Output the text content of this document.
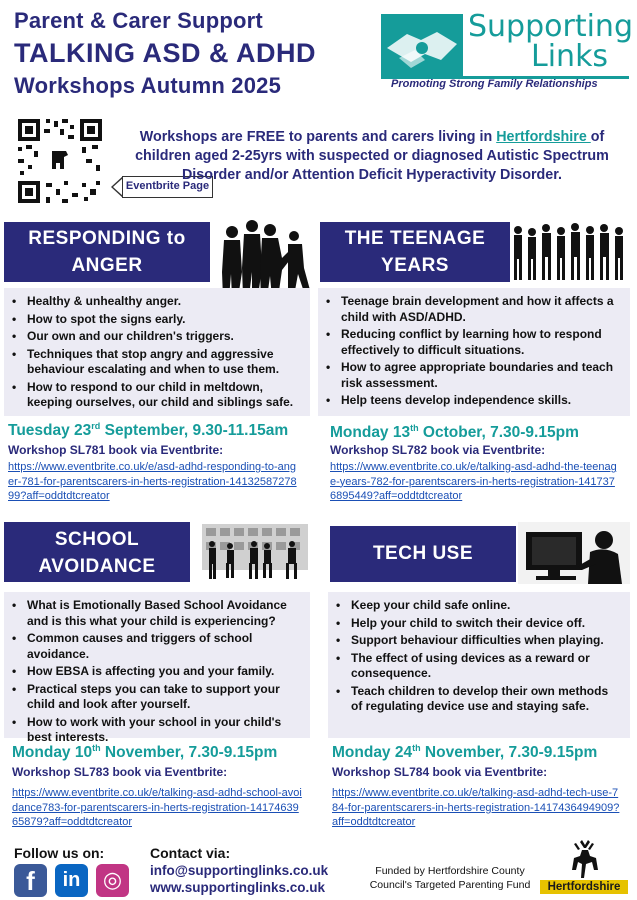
Parent & Carer Support
TALKING ASD & ADHD
Workshops Autumn 2025
Supporting
Links
Promoting Strong Family Relationships
Eventbrite Page
Workshops are FREE to parents and carers living in Hertfordshire of children aged 2-25yrs with suspected or diagnosed Autistic Spectrum Disorder and/or Attention Deficit Hyperactivity Disorder.
RESPONDING to
ANGER
• Healthy & unhealthy anger.
• How to spot the signs early.
• Our own and our children's triggers.
• Techniques that stop angry and aggressive behaviour escalating and when to use them.
• How to respond to our child in meltdown, keeping ourselves, our child and siblings safe.
Tuesday 23rd September, 9.30-11.15am
Workshop SL781 book via Eventbrite:
https://www.eventbrite.co.uk/e/asd-adhd-responding-to-anger-781-for-parentscarers-in-herts-registration-1413258727899?aff=oddtdtcreator
THE TEENAGE
YEARS
• Teenage brain development and how it affects a child with ASD/ADHD.
• Reducing conflict by learning how to respond effectively to difficult situations.
• How to agree appropriate boundaries and teach risk assessment.
• Help teens develop independence skills.
Monday 13th October, 7.30-9.15pm
Workshop SL782 book via Eventbrite:
https://www.eventbrite.co.uk/e/talking-asd-adhd-the-teenage-years-782-for-parentscarers-in-herts-registration-1417376895449?aff=oddtdtcreator
SCHOOL
AVOIDANCE
• What is Emotionally Based School Avoidance and is this what your child is experiencing?
• Common causes and triggers of school avoidance.
• How EBSA is affecting you and your family.
• Practical steps you can take to support your child and look after yourself.
• How to work with your school in your child's best interests.
Monday 10th November, 7.30-9.15pm
Workshop SL783 book via Eventbrite:
https://www.eventbrite.co.uk/e/talking-asd-adhd-school-avoidance783-for-parentscarers-in-herts-registration-1417463965879?aff=oddtdtcreator
TECH USE
• Keep your child safe online.
• Help your child to switch their device off.
• Support behaviour difficulties when playing.
• The effect of using devices as a reward or consequence.
• Teach children to develop their own methods of regulating device use and staying safe.
Monday 24th November, 7.30-9.15pm
Workshop SL784 book via Eventbrite:
https://www.eventbrite.co.uk/e/talking-asd-adhd-tech-use-784-for-parentscarers-in-herts-registration-1417436494909?aff=oddtdtcreator
Follow us on:
f	in	◎
Contact via:
info@supportinglinks.co.uk
www.supportinglinks.co.uk
Funded by Hertfordshire County
Council's Targeted Parenting Fund	Hertfordshire
